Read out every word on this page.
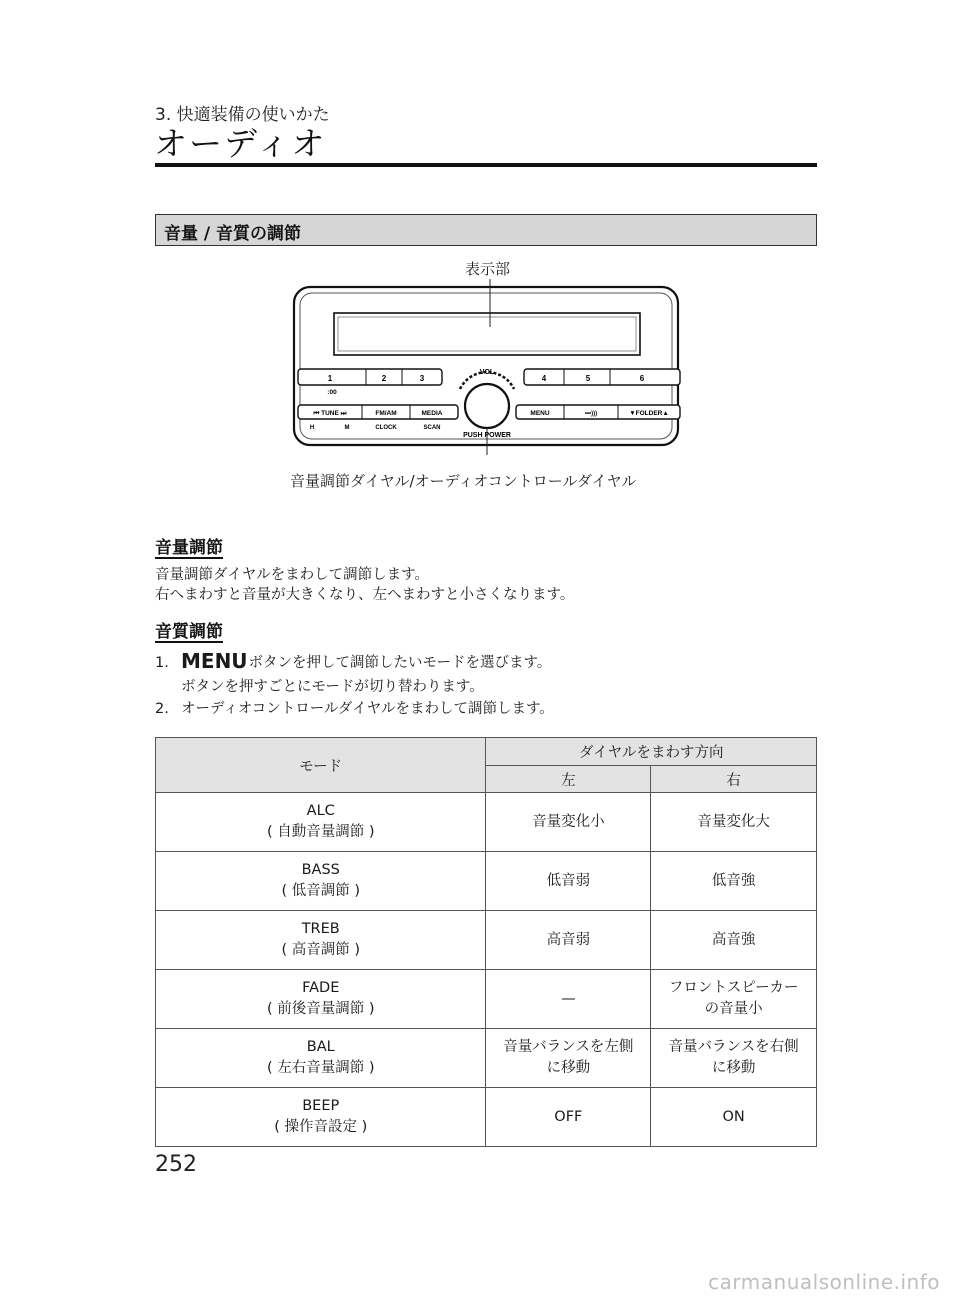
3. 快適装備の使いかた
オーディオ
音量 / 音質の調節
表示部
音量調節ダイヤル/オーディオコントロールダイヤル
1	2	3
:00
4	5	6
VOL
PUSH POWER
⏮ TUNE ⏭	FM/AM	MEDIA
H	M	CLOCK	SCAN
MENU	•••)))	▼FOLDER▲
音量調節
音量調節ダイヤルをまわして調節します。
右へまわすと音量が大きくなり、左へまわすと小さくなります。
音質調節
1. MENUボタンを押して調節したいモードを選びます。
ボタンを押すごとにモードが切り替わります。
2. オーディオコントロールダイヤルをまわして調節します。
モード	ダイヤルをまわす方向	
	左	右

ALC
( 自動音量調節 )	音量変化小	音量変化大

BASS
( 低音調節 )	低音弱	低音強

TREB
( 高音調節 )	高音弱	高音強

FADE
( 前後音量調節 )	—	フロントスピーカーの音量小

BAL
( 左右音量調節 )	音量バランスを左側に移動	音量バランスを右側に移動

BEEP
( 操作音設定 )	OFF	ON
252
carmanualsonline.info
